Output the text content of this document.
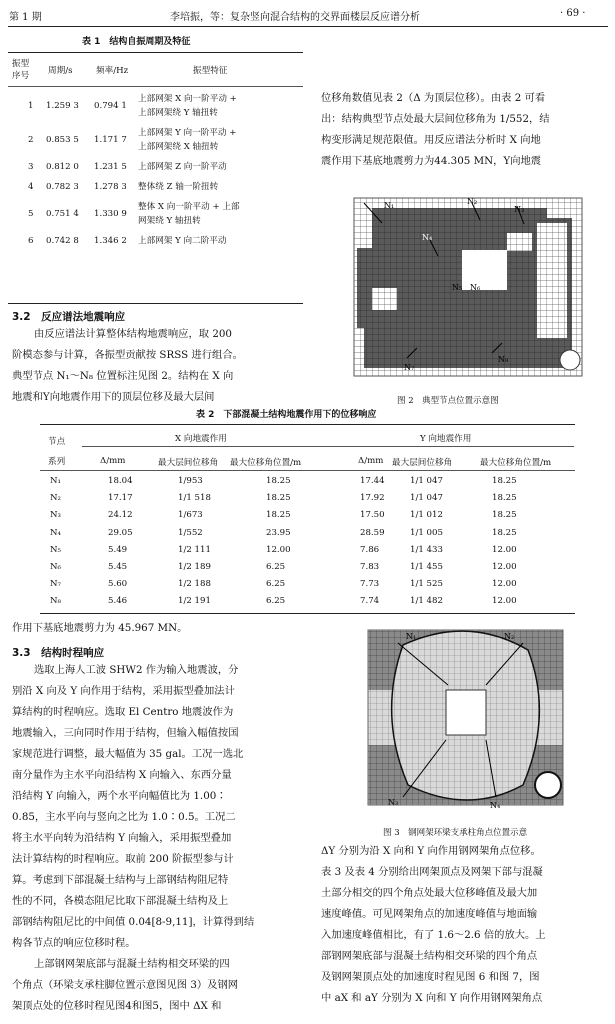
第 1 期	李培振，等：复杂竖向混合结构的交界面楼层反应谱分析	· 69 ·
表 1　结构自振周期及特征
振型序号	周期/s	频率/Hz	振型特征
1 1.259 3 0.794 1
上部网架 X 向一阶平动 +
上部网架绕 Y 轴扭转
2 0.853 5 1.171 7
上部网架 Y 向一阶平动 +
上部网架绕 X 轴扭转
3 0.812 0 1.231 5 上部网架 Z 向一阶平动
4 0.782 3 1.278 3 整体绕 Z 轴一阶扭转
5 0.751 4 1.330 9
整体 X 向一阶平动 + 上部
网架绕 Y 轴扭转
6 0.742 8 1.346 2 上部网架 Y 向二阶平动
3.2　反应谱法地震响应
由反应谱法计算整体结构地震响应，取 200
阶模态参与计算，各振型贡献按 SRSS 进行组合。
典型节点 N₁～N₈ 位置标注见图 2。结构在 X 向
地震和Y向地震作用下的顶层位移及最大层间
位移角数值见表 2（Δ 为顶层位移）。由表 2 可看
出：结构典型节点处最大层间位移角为 1/552，结
构变形满足规范限值。用反应谱法分析时 X 向地
震作用下基底地震剪力为44.305 MN，Y向地震
N₁	N₂
N₃
N₄
N₅ N₆
N₇
N₈
图 2　典型节点位置示意图
表 2　下部混凝土结构地震作用下的位移响应
节点
系列
X 向地震作用	Y 向地震作用
Δ/mm	最大层间位移角 最大位移角位置/m	Δ/mm 最大层间位移角	最大位移角位置/m
N₁	18.04	1/953	18.25	17.44	1/1 047	18.25
N₂	17.17	1/1 518	18.25	17.92	1/1 047	18.25
N₃	24.12	1/673	18.25	17.50	1/1 012	18.25
N₄	29.05	1/552	23.95	28.59	1/1 005	18.25
N₅	5.49	1/2 111	12.00	7.86	1/1 433	12.00
N₆	5.45	1/2 189	6.25	7.83	1/1 455	12.00
N₇	5.60	1/2 188	6.25	7.73	1/1 525	12.00
N₈	5.46	1/2 191	6.25	7.74	1/1 482	12.00
作用下基底地震剪力为 45.967 MN。
3.3　结构时程响应
选取上海人工波 SHW2 作为输入地震波，分
别沿 X 向及 Y 向作用于结构，采用振型叠加法计
算结构的时程响应。选取 El Centro 地震波作为
地震输入，三向同时作用于结构，但输入幅值按国
家规范进行调整，最大幅值为 35 gal。工况一选北
南分量作为主水平向沿结构 X 向输入、东西分量
沿结构 Y 向输入，两个水平向幅值比为 1.00∶
0.85，主水平向与竖向之比为 1.0∶0.5。工况二
将主水平向转为沿结构 Y 向输入，采用振型叠加
法计算结构的时程响应。取前 200 阶振型参与计
算。考虑到下部混凝土结构与上部钢结构阻尼特
性的不同，各模态阻尼比取下部混凝土结构及上
部钢结构阻尼比的中间值 0.04[8-9,11]，计算得到结
构各节点的响应位移时程。
上部钢网架底部与混凝土结构相交环梁的四
个角点（环梁支承柱脚位置示意图见图 3）及钢网
架顶点处的位移时程见图4和图5，图中 ΔX 和
N₁	N₂
N₃	N₄
图 3　钢网架环梁支承柱角点位置示意
ΔY 分别为沿 X 向和 Y 向作用钢网架角点位移。
表 3 及表 4 分别给出网架顶点及网架下部与混凝
土部分相交的四个角点处最大位移峰值及最大加
速度峰值。可见网架角点的加速度峰值与地面输
入加速度峰值相比，有了 1.6～2.6 倍的放大。上
部钢网架底部与混凝土结构相交环梁的四个角点
及钢网架顶点处的加速度时程见图 6 和图 7，图
中 aX 和 aY 分别为 X 向和 Y 向作用钢网架角点
